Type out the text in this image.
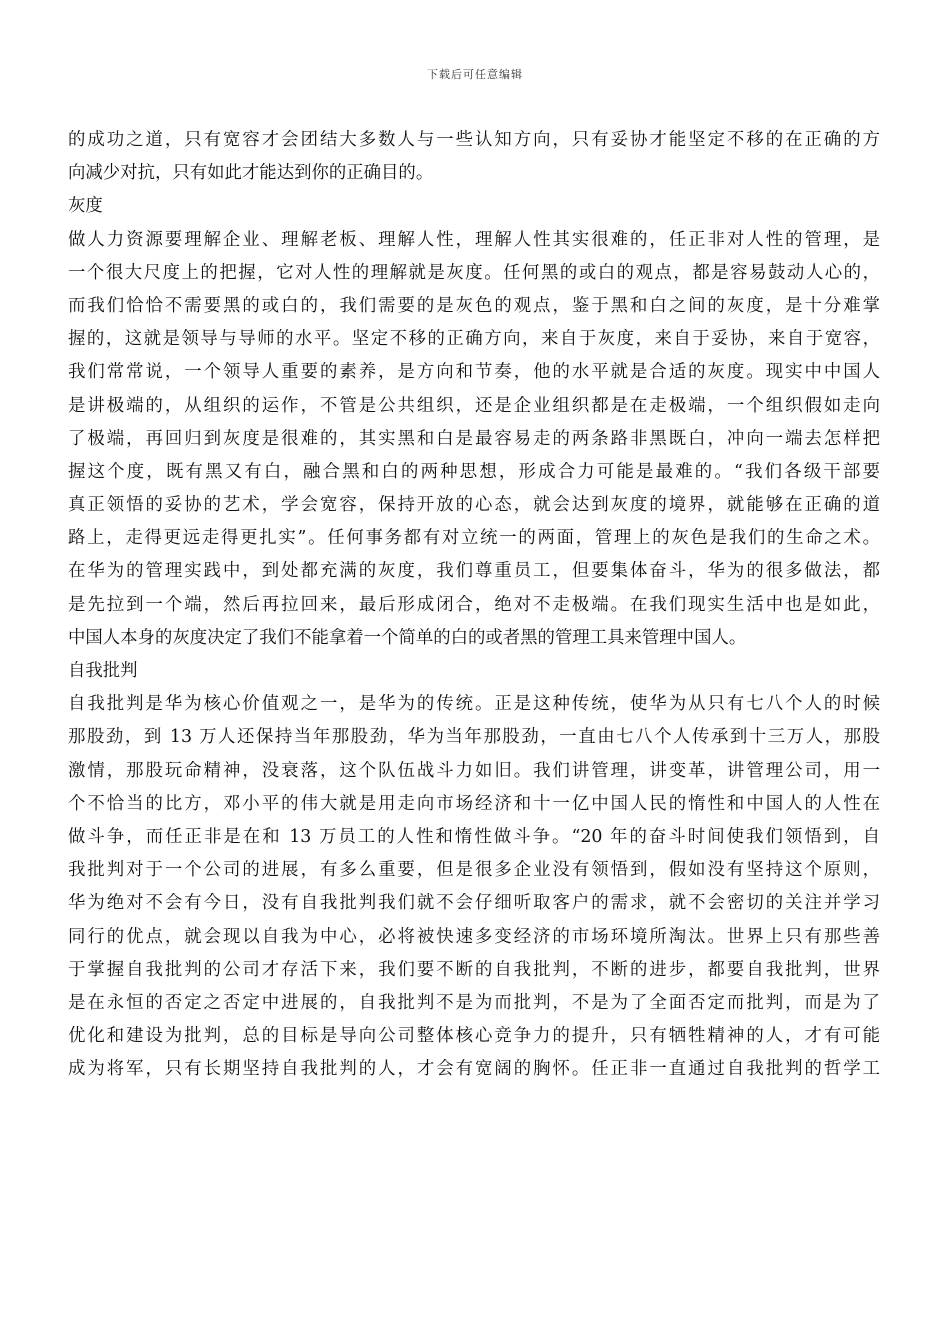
下载后可任意编辑
的成功之道，只有宽容才会团结大多数人与一些认知方向，只有妥协才能坚定不移的在正确的方
向减少对抗，只有如此才能达到你的正确目的。
灰度
做人力资源要理解企业、理解老板、理解人性，理解人性其实很难的，任正非对人性的管理，是
一个很大尺度上的把握，它对人性的理解就是灰度。任何黑的或白的观点，都是容易鼓动人心的，
而我们恰恰不需要黑的或白的，我们需要的是灰色的观点，鉴于黑和白之间的灰度，是十分难掌
握的，这就是领导与导师的水平。坚定不移的正确方向，来自于灰度，来自于妥协，来自于宽容，
我们常常说，一个领导人重要的素养，是方向和节奏，他的水平就是合适的灰度。现实中中国人
是讲极端的，从组织的运作，不管是公共组织，还是企业组织都是在走极端，一个组织假如走向
了极端，再回归到灰度是很难的，其实黑和白是最容易走的两条路非黑既白，冲向一端去怎样把
握这个度，既有黑又有白，融合黑和白的两种思想，形成合力可能是最难的。“我们各级干部要
真正领悟的妥协的艺术，学会宽容，保持开放的心态，就会达到灰度的境界，就能够在正确的道
路上，走得更远走得更扎实”。任何事务都有对立统一的两面，管理上的灰色是我们的生命之术。
在华为的管理实践中，到处都充满的灰度，我们尊重员工，但要集体奋斗，华为的很多做法，都
是先拉到一个端，然后再拉回来，最后形成闭合，绝对不走极端。在我们现实生活中也是如此，
中国人本身的灰度决定了我们不能拿着一个简单的白的或者黑的管理工具来管理中国人。
自我批判
自我批判是华为核心价值观之一，是华为的传统。正是这种传统，使华为从只有七八个人的时候
那股劲，到 13 万人还保持当年那股劲，华为当年那股劲，一直由七八个人传承到十三万人，那股
激情，那股玩命精神，没衰落，这个队伍战斗力如旧。我们讲管理，讲变革，讲管理公司，用一
个不恰当的比方，邓小平的伟大就是用走向市场经济和十一亿中国人民的惰性和中国人的人性在
做斗争，而任正非是在和 13 万员工的人性和惰性做斗争。“20 年的奋斗时间使我们领悟到，自
我批判对于一个公司的进展，有多么重要，但是很多企业没有领悟到，假如没有坚持这个原则，
华为绝对不会有今日，没有自我批判我们就不会仔细听取客户的需求，就不会密切的关注并学习
同行的优点，就会现以自我为中心，必将被快速多变经济的市场环境所淘汰。世界上只有那些善
于掌握自我批判的公司才存活下来，我们要不断的自我批判，不断的进步，都要自我批判，世界
是在永恒的否定之否定中进展的，自我批判不是为而批判，不是为了全面否定而批判，而是为了
优化和建设为批判，总的目标是导向公司整体核心竞争力的提升，只有牺牲精神的人，才有可能
成为将军，只有长期坚持自我批判的人，才会有宽阔的胸怀。任正非一直通过自我批判的哲学工
